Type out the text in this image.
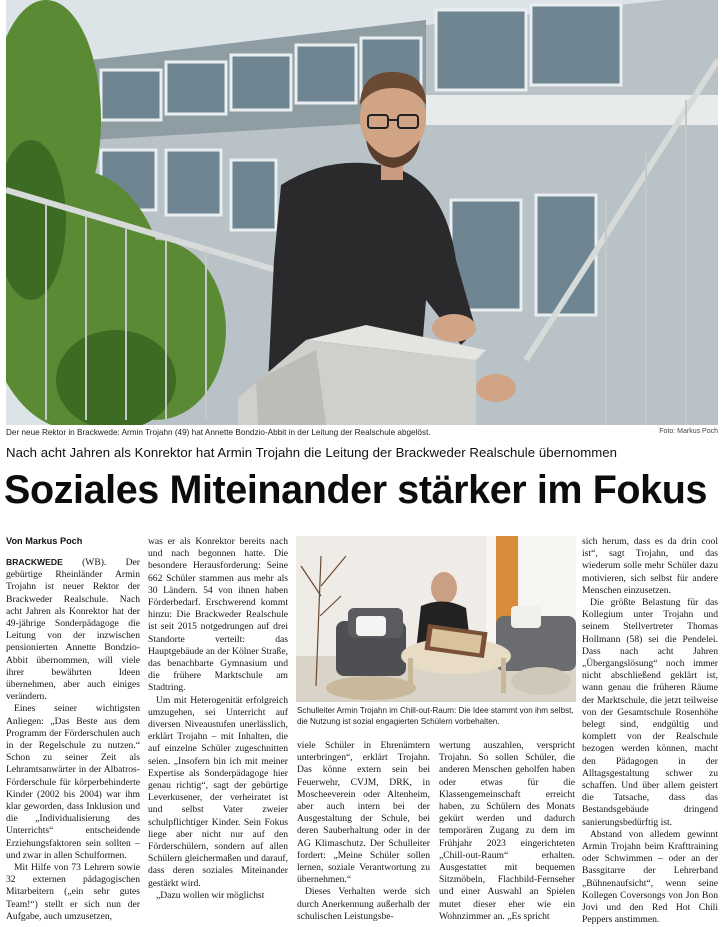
Der neue Rektor in Brackwede: Armin Trojahn (49) hat Annette Bondzio-Abbit in der Leitung der Realschule abgelöst.	Foto: Markus Poch
Nach acht Jahren als Konrektor hat Armin Trojahn die Leitung der Brackweder Realschule übernommen
Soziales Miteinander stärker im Fokus
Von Markus Poch

BRACKWEDE (WB). Der gebürtige Rheinländer Armin Trojahn ist neuer Rektor der Brackweder Realschule. Nach acht Jahren als Konrektor hat der 49-jährige Sonderpädagoge die Leitung von der inzwischen pensionierten Annette Bondzio-Abbit übernommen, will viele ihrer bewährten Ideen übernehmen, aber auch einiges verändern.

Eines seiner wichtigsten Anliegen: „Das Beste aus dem Programm der Förderschulen auch in der Regelschule zu nutzen.“ Schon zu seiner Zeit als Lehramtsanwärter in der Albatros-Förderschule für körperbehinderte Kinder (2002 bis 2004) war ihm klar geworden, dass Inklusion und die „Individualisierung des Unterrichts“ entscheidende Erziehungsfaktoren sein sollten – und zwar in allen Schulformen.

Mit Hilfe von 73 Lehrern sowie 32 externen pädagogischen Mitarbeitern („ein sehr gutes Team!“) stellt er sich nun der Aufgabe, auch umzusetzen,

was er als Konrektor bereits nach und nach begonnen hatte. Die besondere Herausforderung: Seine 662 Schüler stammen aus mehr als 30 Ländern. 54 von ihnen haben Förderbedarf. Erschwerend kommt hinzu: Die Brackweder Realschule ist seit 2015 notgedrungen auf drei Standorte verteilt: das Hauptgebäude an der Kölner Straße, das benachbarte Gymnasium und die frühere Marktschule am Stadtring.

Um mit Heterogenität erfolgreich umzugehen, sei Unterricht auf diversen Niveaustufen unerlässlich, erklärt Trojahn – mit Inhalten, die auf einzelne Schüler zugeschnitten seien. „Insofern bin ich mit meiner Expertise als Sonderpädagoge hier genau richtig“, sagt der gebürtige Leverkusener, der verheiratet ist und selbst Vater zweier schulpflichtiger Kinder. Sein Fokus liege aber nicht nur auf den Förderschülern, sondern auf allen Schülern gleichermaßen und darauf, dass deren soziales Miteinander gestärkt wird.

„Dazu wollen wir möglichst

Schulleiter Armin Trojahn im Chill-out-Raum: Die Idee stammt von ihm selbst, die Nutzung ist sozial engagierten Schülern vorbehalten.

viele Schüler in Ehrenämtern unterbringen“, erklärt Trojahn. Das könne extern sein bei Feuerwehr, CVJM, DRK, in Moscheeverein oder Altenheim, aber auch intern bei der Ausgestaltung der Schule, bei deren Sauberhaltung oder in der AG Klimaschutz. Der Schulleiter fordert: „Meine Schüler sollen lernen, soziale Verantwortung zu übernehmen.“

Dieses Verhalten werde sich durch Anerkennung außerhalb der schulischen Leistungsbe-

wertung auszahlen, verspricht Trojahn. So sollen Schüler, die anderen Menschen geholfen haben oder etwas für die Klassengemeinschaft erreicht haben, zu Schülern des Monats gekürt werden und dadurch temporären Zugang zu dem im Frühjahr 2023 eingerichteten „Chill-out-Raum“ erhalten. Ausgestattet mit bequemen Sitzmöbeln, Flachbild-Fernseher und einer Auswahl an Spielen mutet dieser eher wie ein Wohnzimmer an. „Es spricht

sich herum, dass es da drin cool ist“, sagt Trojahn, und das wiederum solle mehr Schüler dazu motivieren, sich selbst für andere Menschen einzusetzen.

Die größte Belastung für das Kollegium unter Trojahn und seinem Stellvertreter Thomas Hollmann (58) sei die Pendelei. Dass nach acht Jahren „Übergangslösung“ noch immer nicht abschließend geklärt ist, wann genau die früheren Räume der Marktschule, die jetzt teilweise von der Gesamtschule Rosenhöhe belegt sind, endgültig und komplett von der Realschule bezogen werden können, macht den Pädagogen in der Alltagsgestaltung schwer zu schaffen. Und über allem geistert die Tatsache, dass das Bestandsgebäude dringend sanierungsbedürftig ist.

Abstand von alledem gewinnt Armin Trojahn beim Krafttraining oder Schwimmen – oder an der Bassgitarre der Lehrerband „Bühnenaufsicht“, wenn seine Kollegen Coversongs von Jon Bon Jovi und den Red Hot Chili Peppers anstimmen.
